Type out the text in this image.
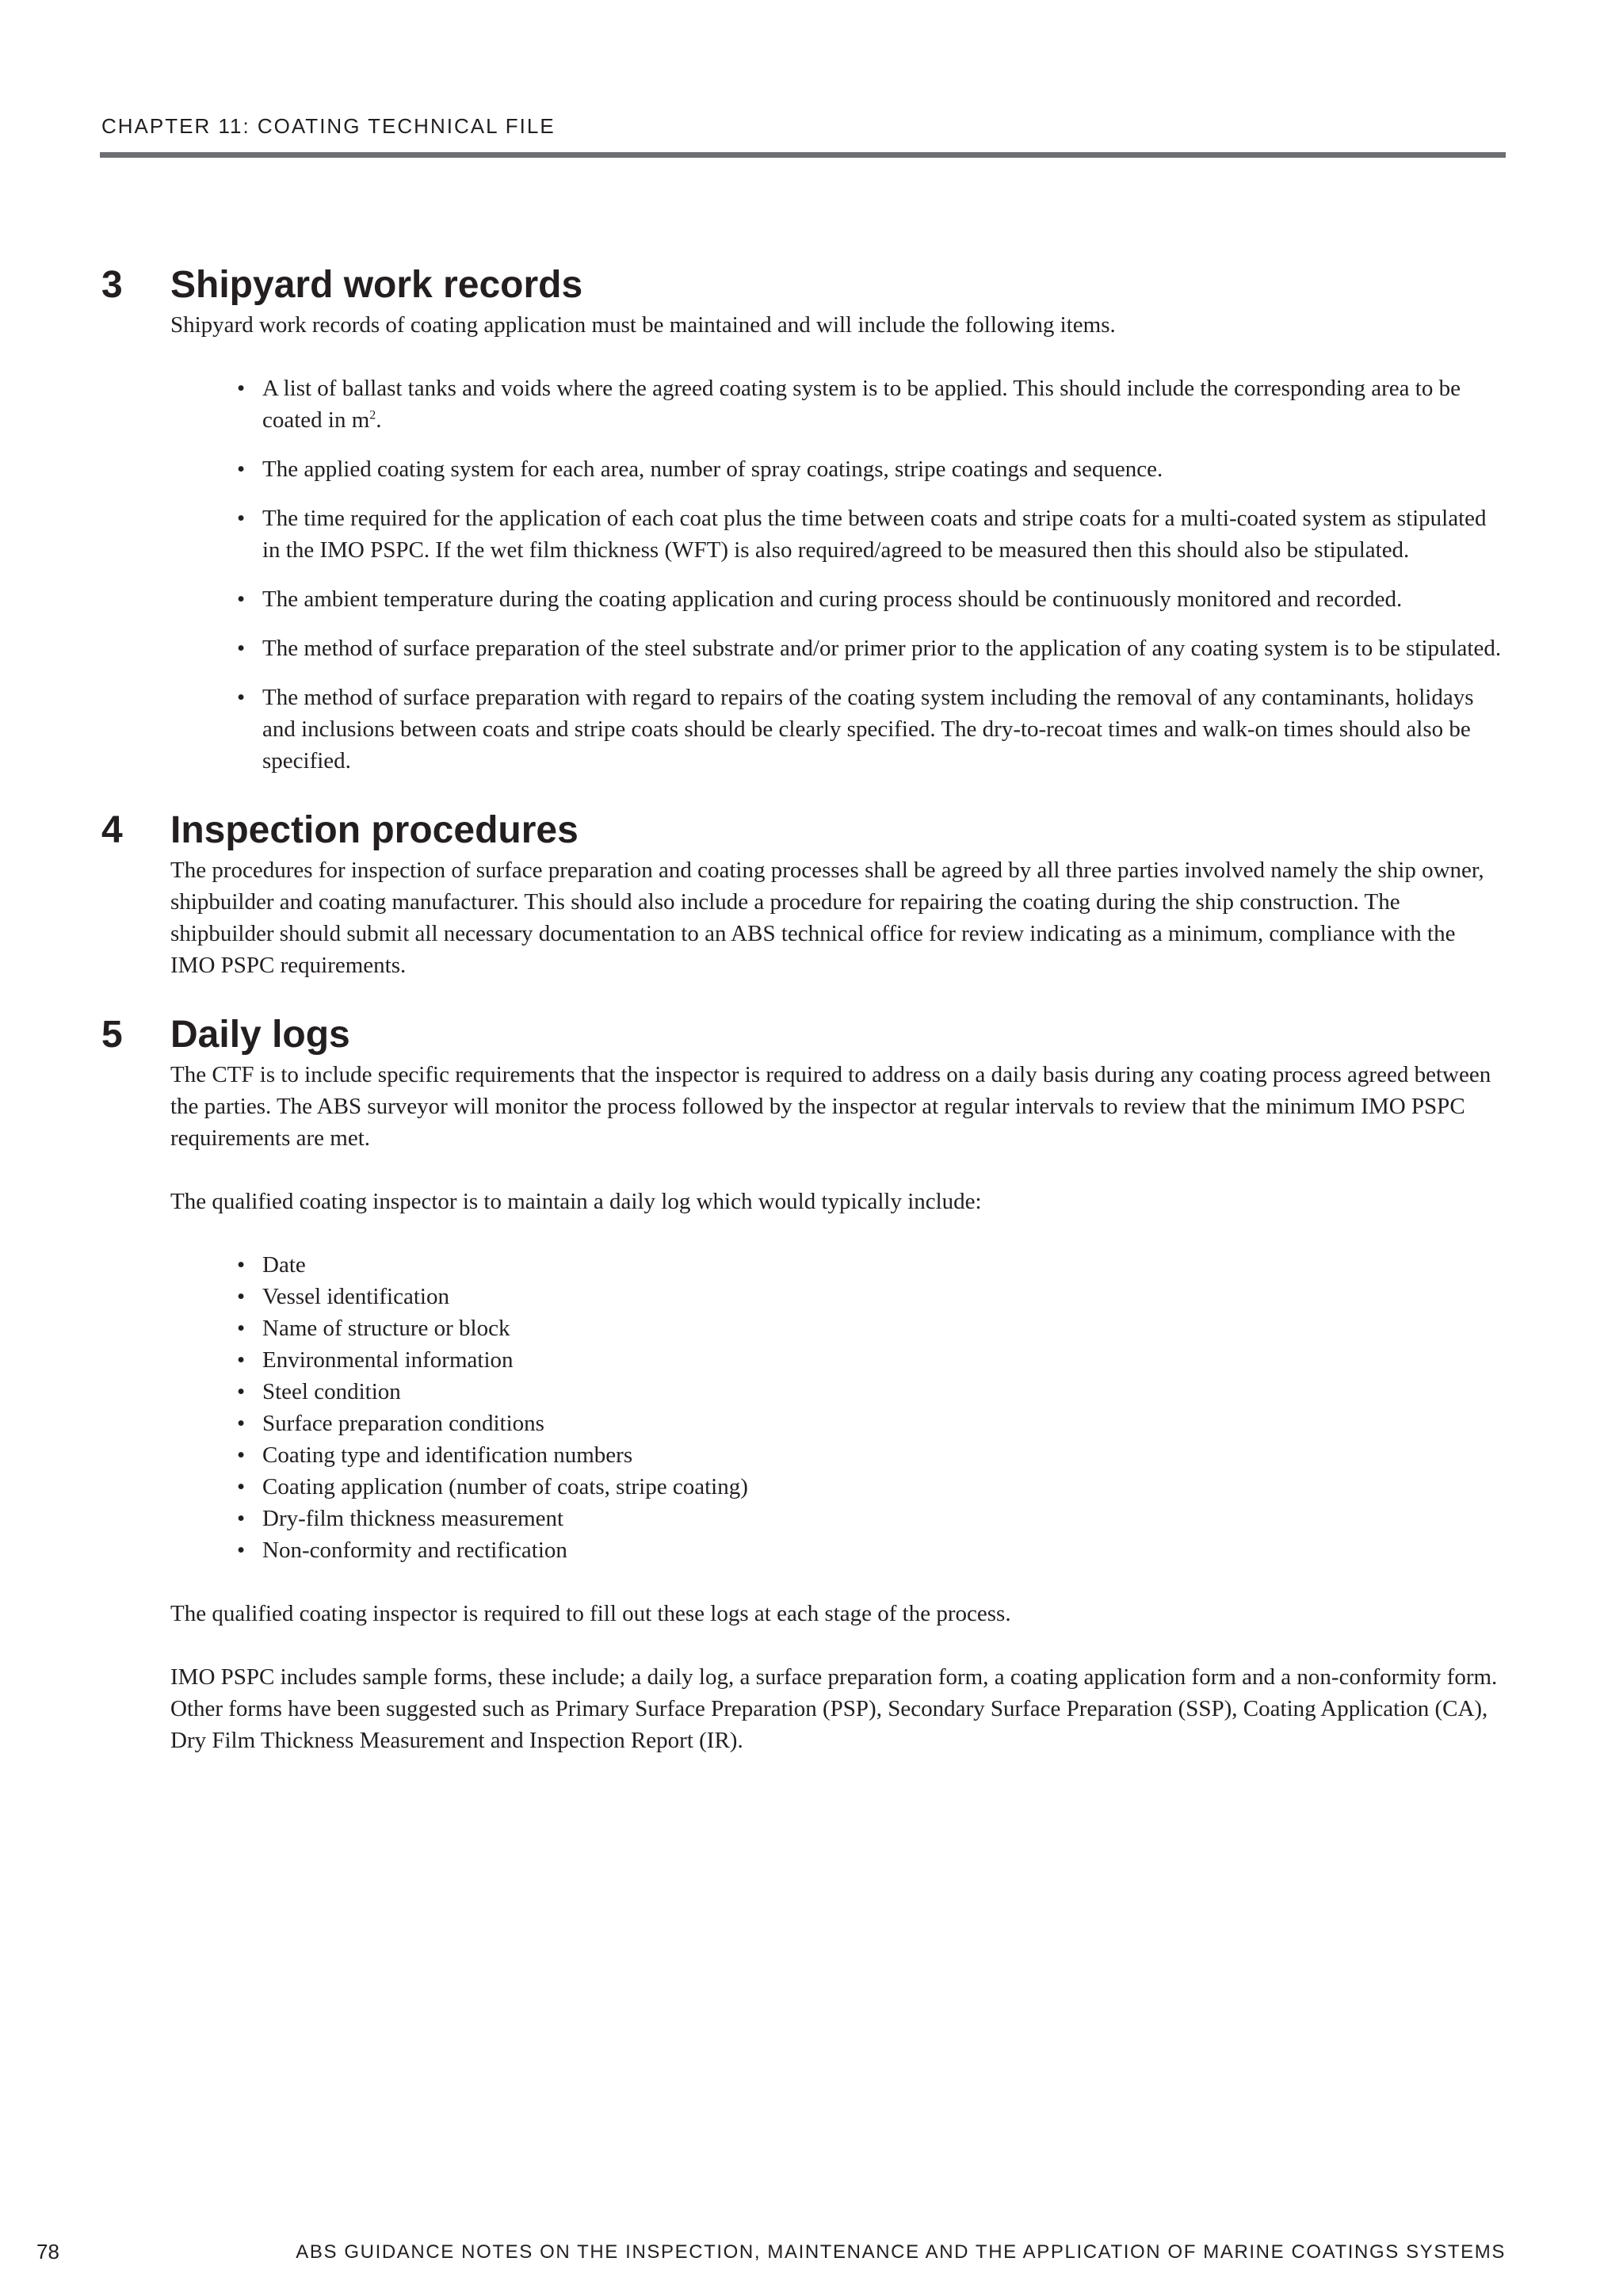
CHAPTER 11: COATING TECHNICAL FILE
3	Shipyard work records

Shipyard work records of coating application must be maintained and will include the following items.

• A list of ballast tanks and voids where the agreed coating system is to be applied. This should include the corresponding area to be coated in $m^2$.
• The applied coating system for each area, number of spray coatings, stripe coatings and sequence.
• The time required for the application of each coat plus the time between coats and stripe coats for a multi-coated system as stipulated in the IMO PSPC. If the wet film thickness (WFT) is also required/agreed to be measured then this should also be stipulated.
• The ambient temperature during the coating application and curing process should be continuously monitored and recorded.
• The method of surface preparation of the steel substrate and/or primer prior to the application of any coating system is to be stipulated.
• The method of surface preparation with regard to repairs of the coating system including the removal of any contaminants, holidays and inclusions between coats and stripe coats should be clearly specified. The dry-to-recoat times and walk-on times should also be specified.
4	Inspection procedures

The procedures for inspection of surface preparation and coating processes shall be agreed by all three parties involved namely the ship owner, shipbuilder and coating manufacturer. This should also include a procedure for repairing the coating during the ship construction. The shipbuilder should submit all necessary documentation to an ABS technical office for review indicating as a minimum, compliance with the IMO PSPC requirements.

5	Daily logs

The CTF is to include specific requirements that the inspector is required to address on a daily basis during any coating process agreed between the parties. The ABS surveyor will monitor the process followed by the inspector at regular intervals to review that the minimum IMO PSPC requirements are met.

The qualified coating inspector is to maintain a daily log which would typically include:

• Date
• Vessel identification
• Name of structure or block
• Environmental information
• Steel condition
• Surface preparation conditions
• Coating type and identification numbers
• Coating application (number of coats, stripe coating)
• Dry-film thickness measurement
• Non-conformity and rectification

The qualified coating inspector is required to fill out these logs at each stage of the process.

IMO PSPC includes sample forms, these include; a daily log, a surface preparation form, a coating application form and a non-conformity form. Other forms have been suggested such as Primary Surface Preparation (PSP), Secondary Surface Preparation (SSP), Coating Application (CA), Dry Film Thickness Measurement and Inspection Report (IR).

78	ABS GUIDANCE NOTES ON THE INSPECTION, MAINTENANCE AND THE APPLICATION OF MARINE COATINGS SYSTEMS
